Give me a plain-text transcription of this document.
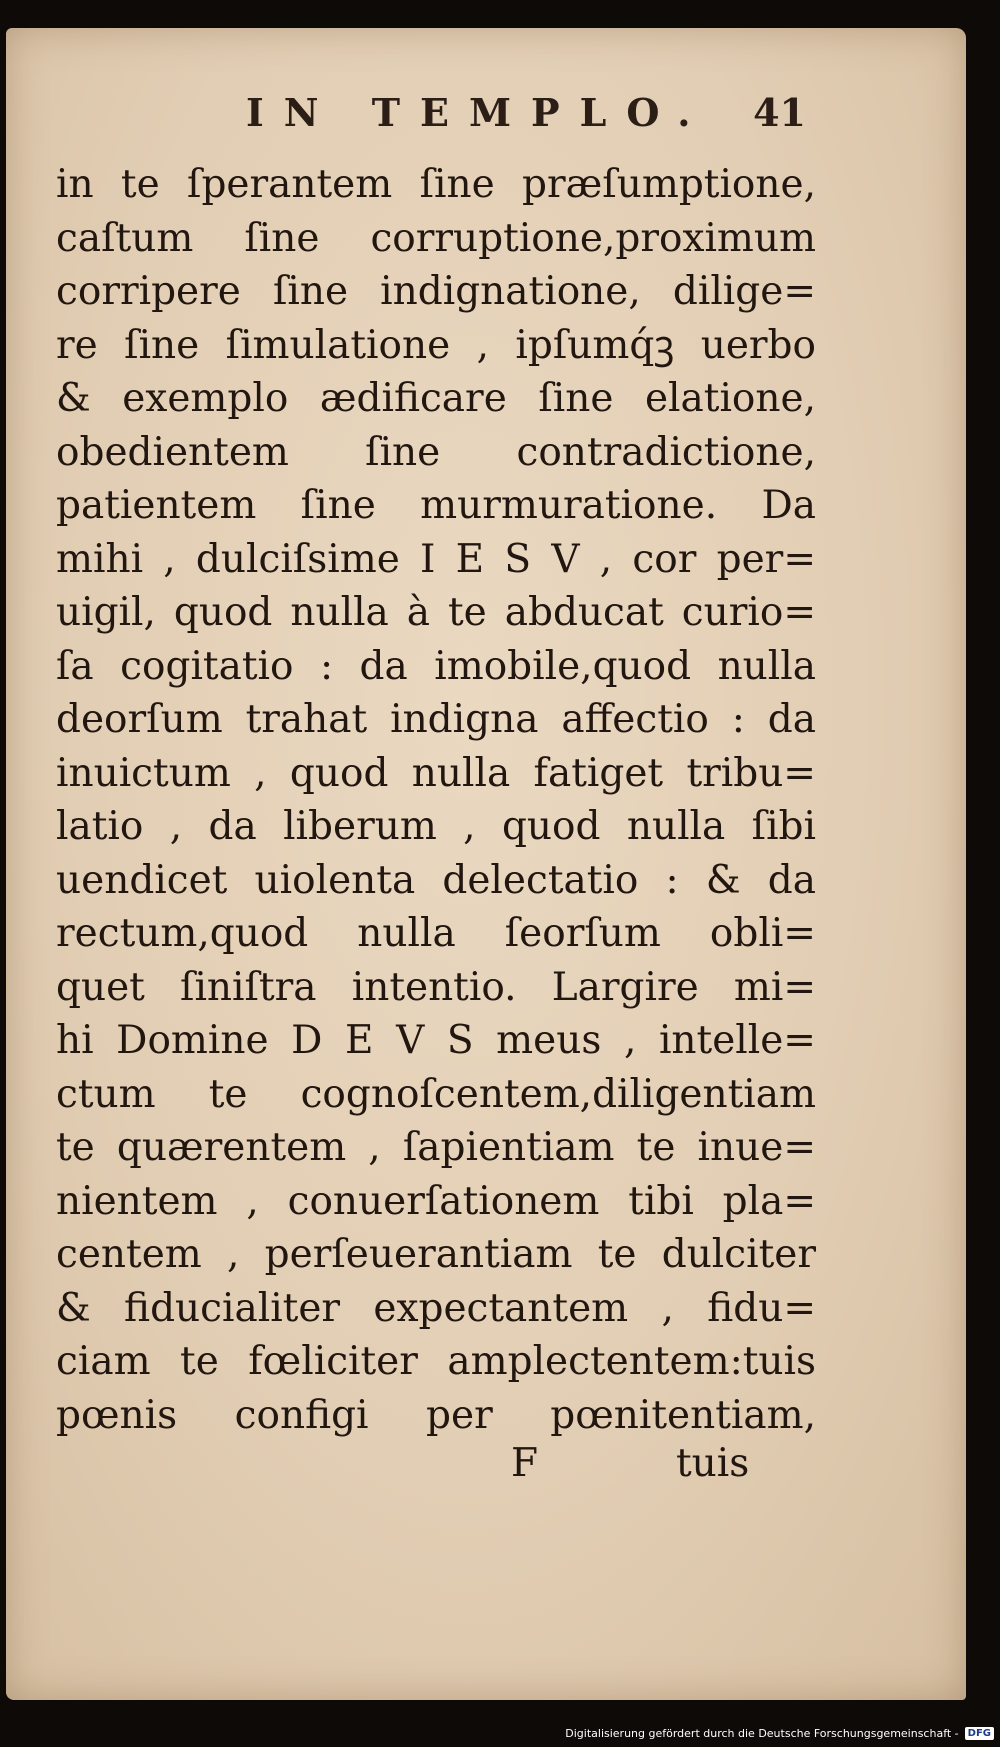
IN TEMPLO. 41
in te ſperantem ſine præſumptione,
caſtum ſine corruptione,proximum
corripere ſine indignatione, dilige=
re ſine ſimulatione , ipſumq́ꝫ uerbo
& exemplo ædificare ſine elatione,
obedientem ſine contradictione,
patientem ſine murmuratione. Da
mihi , dulciſsime I E S V , cor per=
uigil, quod nulla à te abducat curio=
ſa cogitatio : da imobile,quod nulla
deorſum trahat indigna affectio : da
inuictum , quod nulla fatiget tribu=
latio , da liberum , quod nulla ſibi
uendicet uiolenta delectatio : & da
rectum,quod nulla ſeorſum obli=
quet ſiniſtra intentio. Largire mi=
hi Domine D E V S meus , intelle=
ctum te cognoſcentem,diligentiam
te quærentem , ſapientiam te inue=
nientem , conuerſationem tibi pla=
centem , perſeuerantiam te dulciter
& fiducialiter expectantem , fidu=
ciam te fœliciter amplectentem:tuis
pœnis configi per pœnitentiam,
F	tuis
Digitalisierung gefördert durch die Deutsche Forschungsgemeinschaft - DFG
